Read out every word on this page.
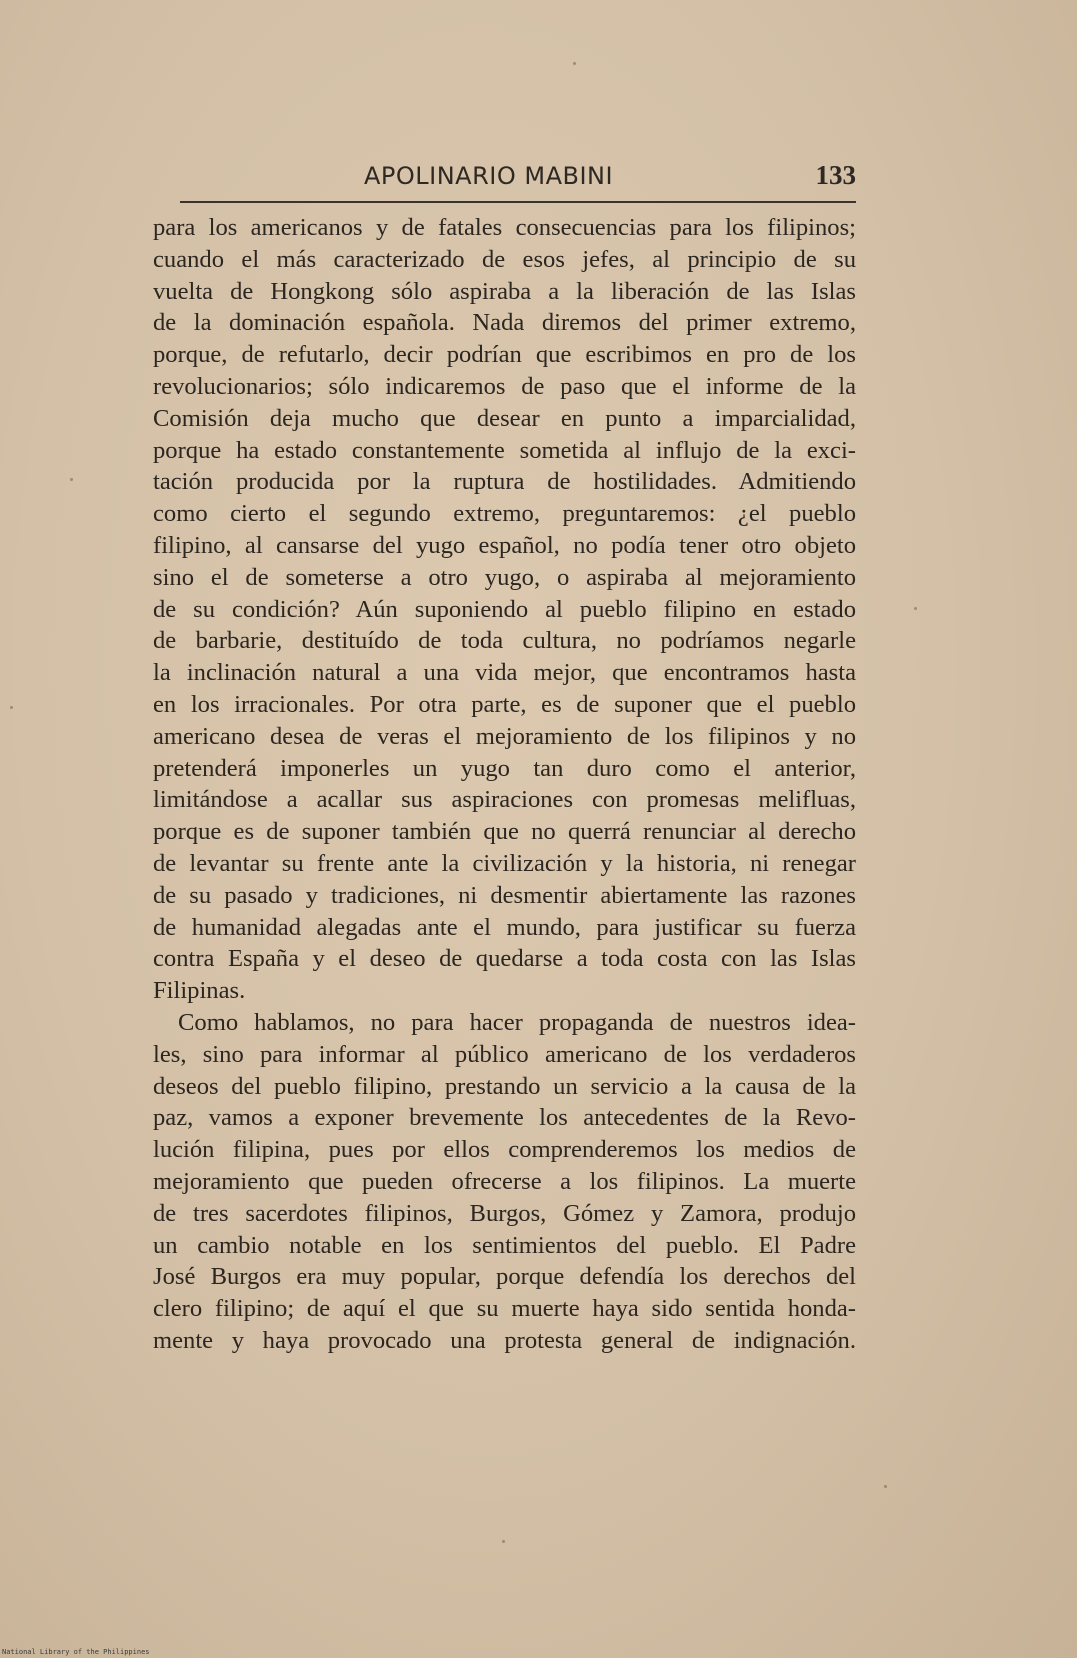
APOLINARIO MABINI	133
para los americanos y de fatales consecuencias para los filipinos;
cuando el más caracterizado de esos jefes, al principio de su
vuelta de Hongkong sólo aspiraba a la liberación de las Islas
de la dominación española. Nada diremos del primer extremo,
porque, de refutarlo, decir podrían que escribimos en pro de los
revolucionarios; sólo indicaremos de paso que el informe de la
Comisión deja mucho que desear en punto a imparcialidad,
porque ha estado constantemente sometida al influjo de la exci-
tación producida por la ruptura de hostilidades. Admitiendo
como cierto el segundo extremo, preguntaremos: ¿el pueblo
filipino, al cansarse del yugo español, no podía tener otro objeto
sino el de someterse a otro yugo, o aspiraba al mejoramiento
de su condición? Aún suponiendo al pueblo filipino en estado
de barbarie, destituído de toda cultura, no podríamos negarle
la inclinación natural a una vida mejor, que encontramos hasta
en los irracionales. Por otra parte, es de suponer que el pueblo
americano desea de veras el mejoramiento de los filipinos y no
pretenderá imponerles un yugo tan duro como el anterior,
limitándose a acallar sus aspiraciones con promesas melifluas,
porque es de suponer también que no querrá renunciar al derecho
de levantar su frente ante la civilización y la historia, ni renegar
de su pasado y tradiciones, ni desmentir abiertamente las razones
de humanidad alegadas ante el mundo, para justificar su fuerza
contra España y el deseo de quedarse a toda costa con las Islas
Filipinas.
Como hablamos, no para hacer propaganda de nuestros idea-
les, sino para informar al público americano de los verdaderos
deseos del pueblo filipino, prestando un servicio a la causa de la
paz, vamos a exponer brevemente los antecedentes de la Revo-
lución filipina, pues por ellos comprenderemos los medios de
mejoramiento que pueden ofrecerse a los filipinos. La muerte
de tres sacerdotes filipinos, Burgos, Gómez y Zamora, produjo
un cambio notable en los sentimientos del pueblo. El Padre
José Burgos era muy popular, porque defendía los derechos del
clero filipino; de aquí el que su muerte haya sido sentida honda-
mente y haya provocado una protesta general de indignación.
National Library of the Philippines
